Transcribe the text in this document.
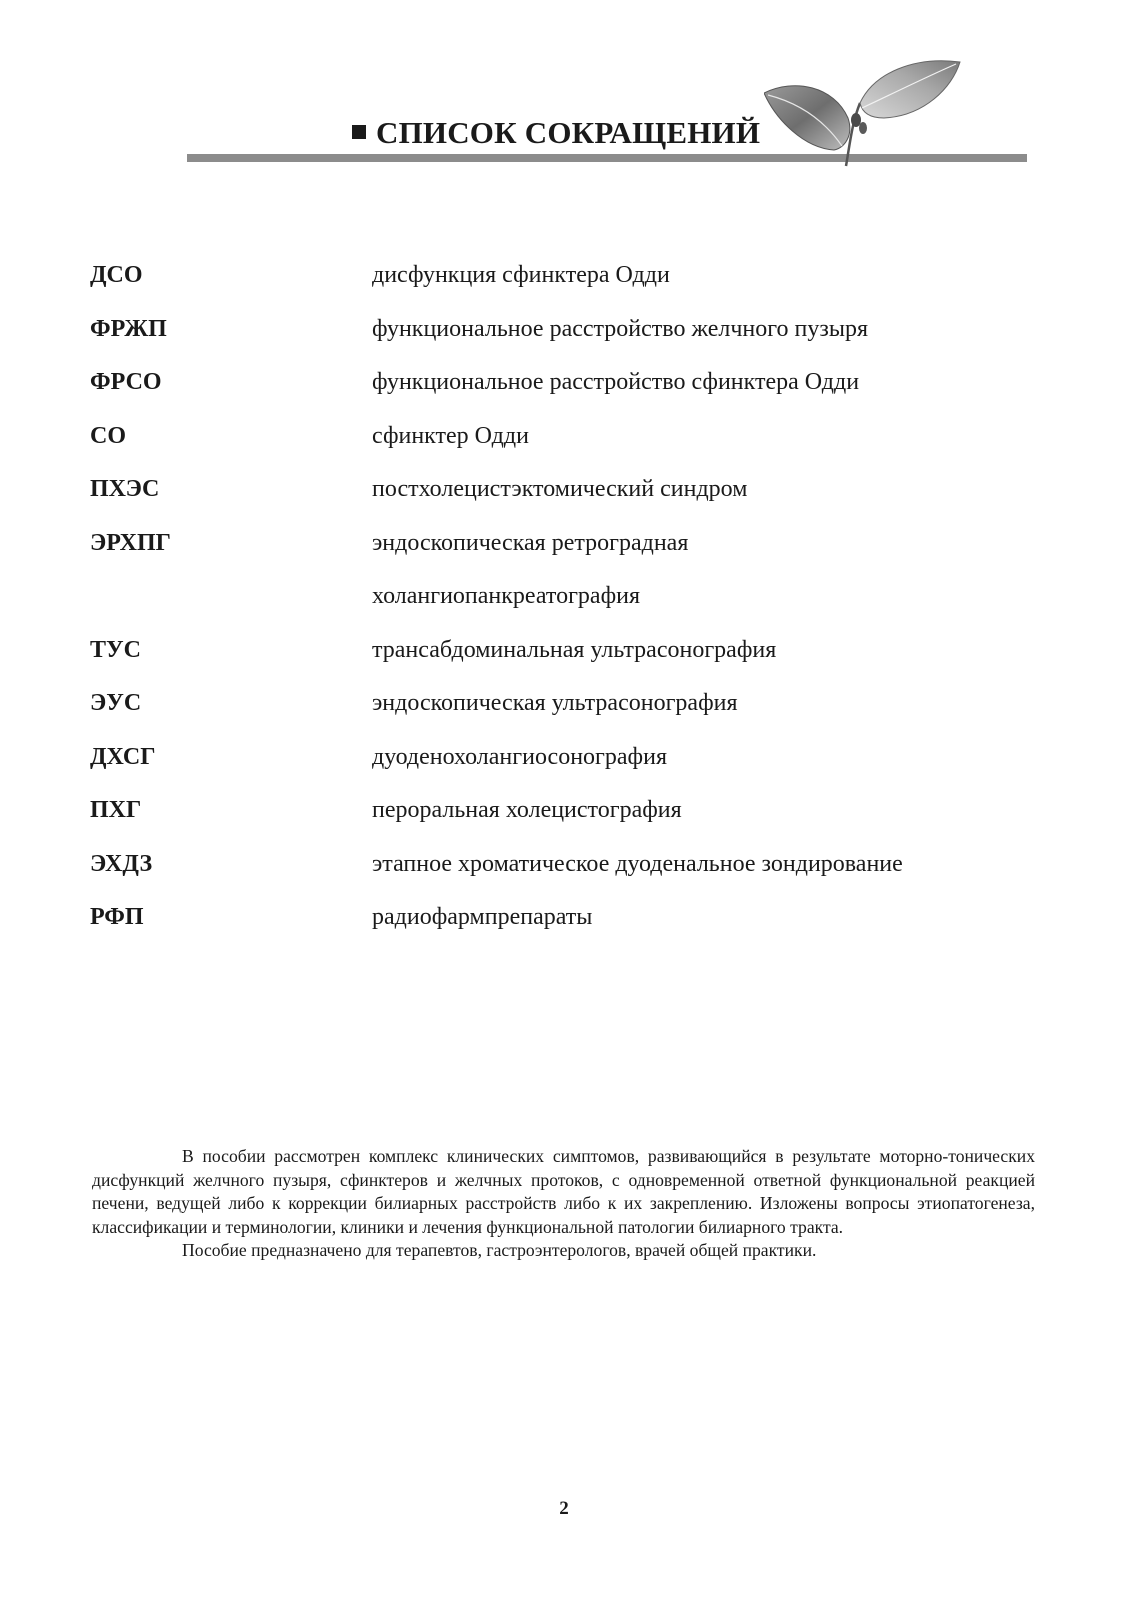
СПИСОК СОКРАЩЕНИЙ
ДСО	дисфункция сфинктера Одди
ФРЖП	функциональное расстройство желчного пузыря
ФРСО	функциональное расстройство сфинктера Одди
СО	сфинктер Одди
ПХЭС	постхолецистэктомический синдром
ЭРХПГ	эндоскопическая ретроградная
холангиопанкреатография
ТУС	трансабдоминальная ультрасонография
ЭУС	эндоскопическая ультрасонография
ДХСГ	дуоденохолангиосонография
ПХГ	пероральная холецистография
ЭХДЗ	этапное хроматическое дуоденальное зондирование
РФП	радиофармпрепараты

В пособии рассмотрен комплекс клинических симптомов, развивающийся в результате моторно-тонических дисфункций желчного пузыря, сфинктеров и желчных протоков, с одновременной ответной функциональной реакцией печени, ведущей либо к коррекции билиарных расстройств либо к их закреплению. Изложены вопросы этиопатогенеза, классификации и терминологии, клиники и лечения функциональной патологии билиарного тракта.

Пособие предназначено для терапевтов, гастроэнтерологов, врачей общей практики.

2
